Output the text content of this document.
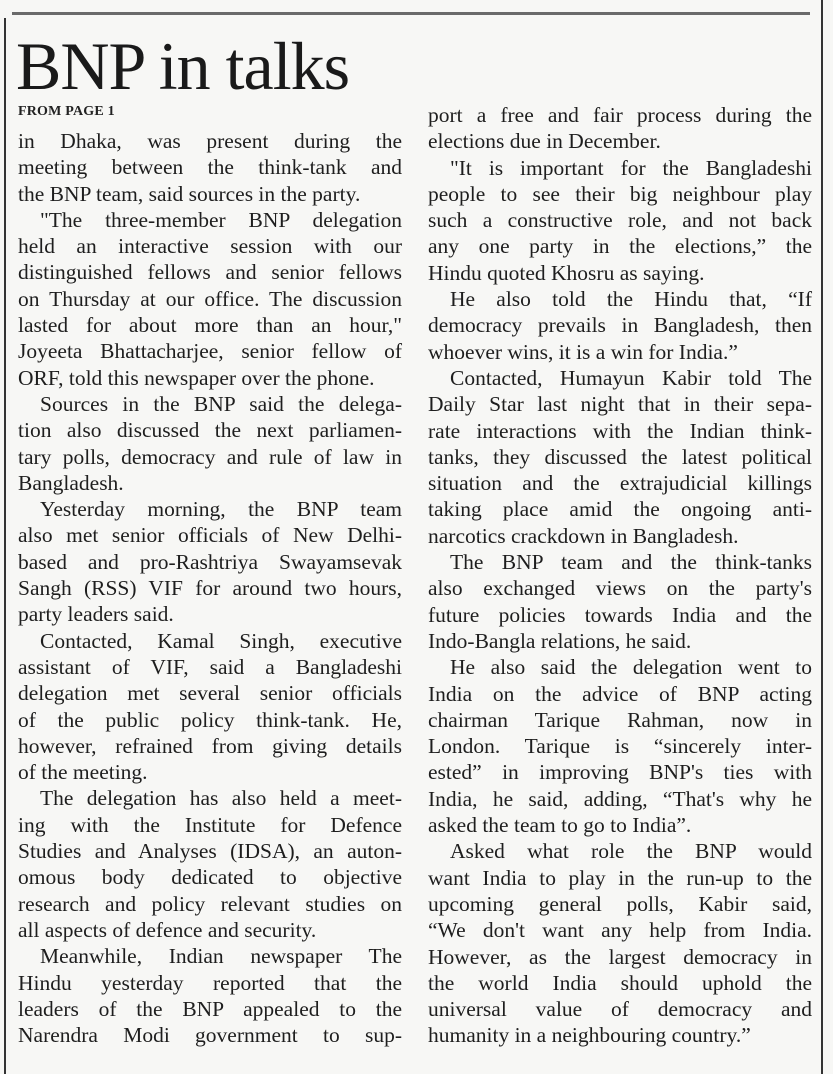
BNP in talks
FROM PAGE 1
in Dhaka, was present during the
meeting between the think-tank and
the BNP team, said sources in the party.
"The three-member BNP delegation
held an interactive session with our
distinguished fellows and senior fellows
on Thursday at our office. The discussion
lasted for about more than an hour,"
Joyeeta Bhattacharjee, senior fellow of
ORF, told this newspaper over the phone.
Sources in the BNP said the delega-
tion also discussed the next parliamen-
tary polls, democracy and rule of law in
Bangladesh.
Yesterday morning, the BNP team
also met senior officials of New Delhi-
based and pro-Rashtriya Swayamsevak
Sangh (RSS) VIF for around two hours,
party leaders said.
Contacted, Kamal Singh, executive
assistant of VIF, said a Bangladeshi
delegation met several senior officials
of the public policy think-tank. He,
however, refrained from giving details
of the meeting.
The delegation has also held a meet-
ing with the Institute for Defence
Studies and Analyses (IDSA), an auton-
omous body dedicated to objective
research and policy relevant studies on
all aspects of defence and security.
Meanwhile, Indian newspaper The
Hindu yesterday reported that the
leaders of the BNP appealed to the
Narendra Modi government to sup-
port a free and fair process during the
elections due in December.
"It is important for the Bangladeshi
people to see their big neighbour play
such a constructive role, and not back
any one party in the elections,” the
Hindu quoted Khosru as saying.
He also told the Hindu that, “If
democracy prevails in Bangladesh, then
whoever wins, it is a win for India.”
Contacted, Humayun Kabir told The
Daily Star last night that in their sepa-
rate interactions with the Indian think-
tanks, they discussed the latest political
situation and the extrajudicial killings
taking place amid the ongoing anti-
narcotics crackdown in Bangladesh.
The BNP team and the think-tanks
also exchanged views on the party's
future policies towards India and the
Indo-Bangla relations, he said.
He also said the delegation went to
India on the advice of BNP acting
chairman Tarique Rahman, now in
London. Tarique is “sincerely inter-
ested” in improving BNP's ties with
India, he said, adding, “That's why he
asked the team to go to India”.
Asked what role the BNP would
want India to play in the run-up to the
upcoming general polls, Kabir said,
“We don't want any help from India.
However, as the largest democracy in
the world India should uphold the
universal value of democracy and
humanity in a neighbouring country.”
